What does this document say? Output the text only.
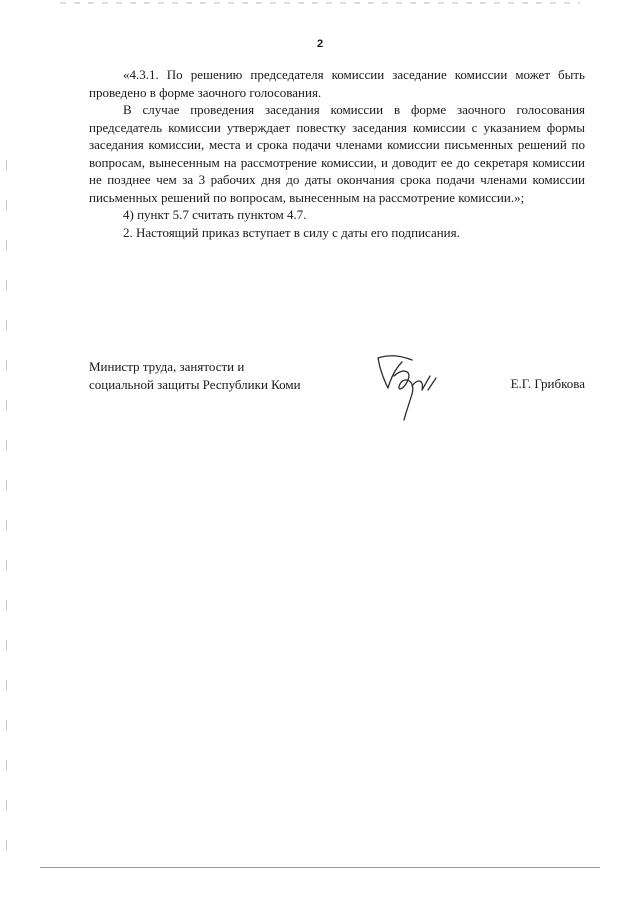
2

«4.3.1. По решению председателя комиссии заседание комиссии может быть проведено в форме заочного голосования.

В случае проведения заседания комиссии в форме заочного голосования председатель комиссии утверждает повестку заседания комиссии с указанием формы заседания комиссии, места и срока подачи членами комиссии письменных решений по вопросам, вынесенным на рассмотрение комиссии, и доводит ее до секретаря комиссии не позднее чем за 3 рабочих дня до даты окончания срока подачи членами комиссии письменных решений по вопросам, вынесенным на рассмотрение комиссии.»;

4) пункт 5.7 считать пунктом 4.7.

2. Настоящий приказ вступает в силу с даты его подписания.

Министр труда, занятости и
социальной защиты Республики Коми	Е.Г. Грибкова
